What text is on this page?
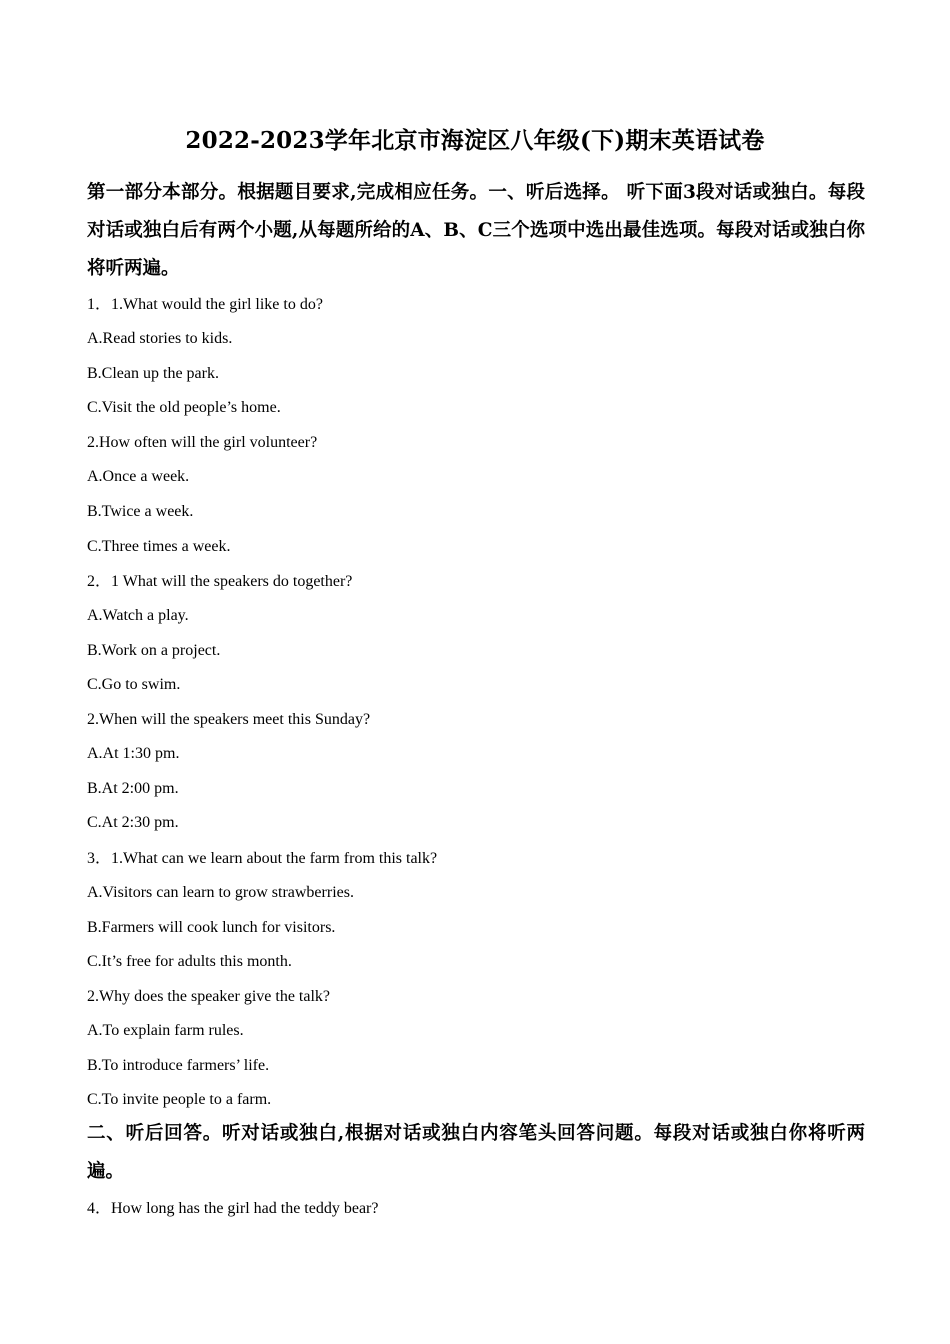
2022-2023学年北京市海淀区八年级(下)期末英语试卷
第一部分本部分。根据题目要求,完成相应任务。一、听后选择。 听下面3段对话或独白。每段对话或独白后有两个小题,从每题所给的A、B、C三个选项中选出最佳选项。每段对话或独白你将听两遍。
1．1.What would the girl like to do?
A.Read stories to kids.
B.Clean up the park.
C.Visit the old people’s home.
2.How often will the girl volunteer?
A.Once a week.
B.Twice a week.
C.Three times a week.
2．1 What will the speakers do together?
A.Watch a play.
B.Work on a project.
C.Go to swim.
2.When will the speakers meet this Sunday?
A.At 1:30 pm.
B.At 2:00 pm.
C.At 2:30 pm.
3．1.What can we learn about the farm from this talk?
A.Visitors can learn to grow strawberries.
B.Farmers will cook lunch for visitors.
C.It’s free for adults this month.
2.Why does the speaker give the talk?
A.To explain farm rules.
B.To introduce farmers’ life.
C.To invite people to a farm.
二、听后回答。听对话或独白,根据对话或独白内容笔头回答问题。每段对话或独白你将听两遍。
4．How long has the girl had the teddy bear?
